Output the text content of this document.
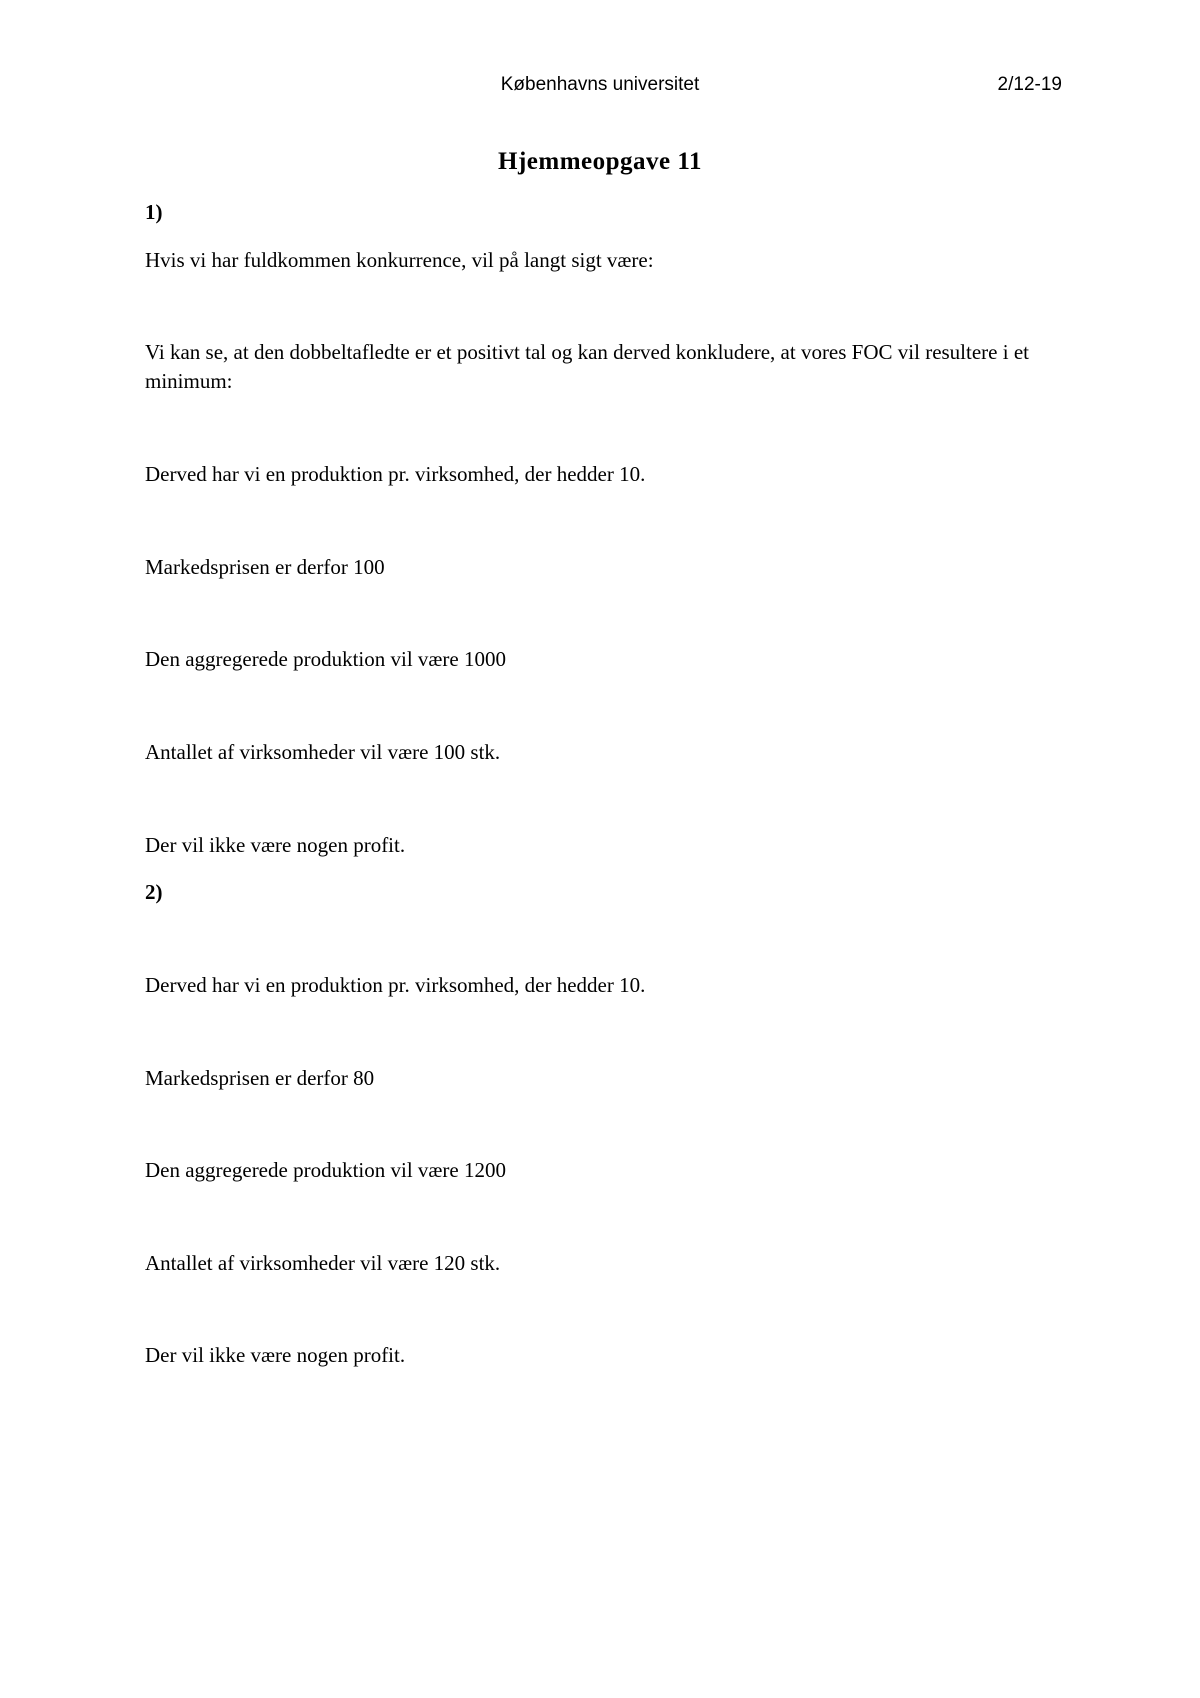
Københavns universitet	2/12-19
Hjemmeopgave 11
1)
Hvis vi har fuldkommen konkurrence, vil på langt sigt være:
Vi kan se, at den dobbeltafledte er et positivt tal og kan derved konkludere, at vores FOC vil resultere i et minimum:
Derved har vi en produktion pr. virksomhed, der hedder 10.
Markedsprisen er derfor 100
Den aggregerede produktion vil være 1000
Antallet af virksomheder vil være 100 stk.
Der vil ikke være nogen profit.
2)
Derved har vi en produktion pr. virksomhed, der hedder 10.
Markedsprisen er derfor 80
Den aggregerede produktion vil være 1200
Antallet af virksomheder vil være 120 stk.
Der vil ikke være nogen profit.
